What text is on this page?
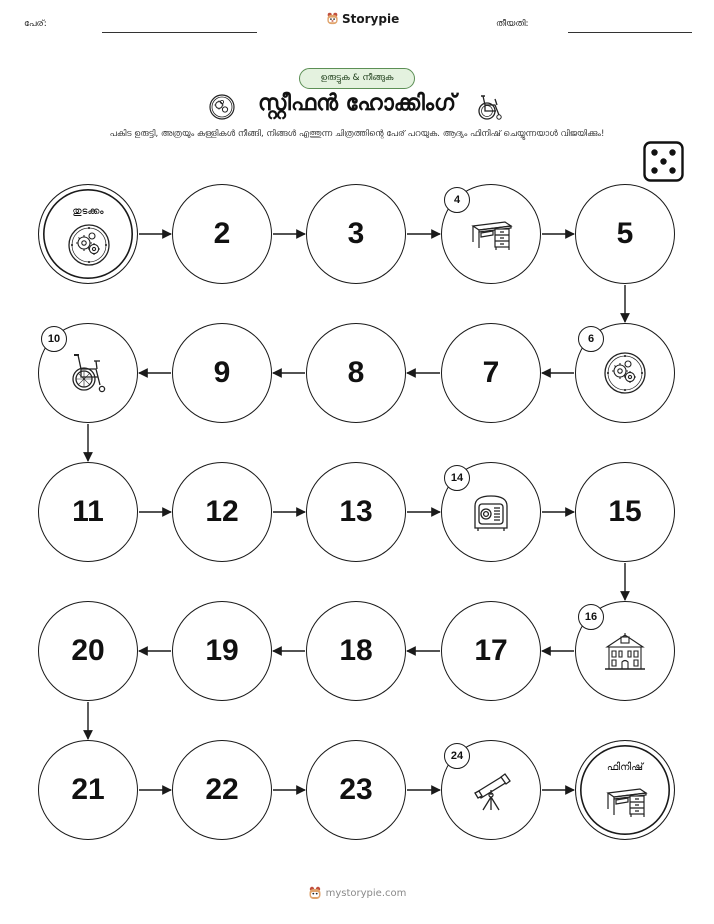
പേര്:	Storypie	തീയതി:
ഉരുട്ടുക & നീങ്ങുക
സ്റ്റീഫൻ ഹോക്കിംഗ്
പകിട ഉരുട്ടി, അത്രയും കള്ളികൾ നീങ്ങി, നിങ്ങൾ എത്തുന്ന ചിത്രത്തിന്റെ പേര് പറയുക. ആദ്യം ഫിനിഷ് ചെയ്യുന്നയാൾ വിജയിക്കും!
തുടക്കം
2	3
4
5
6
7
8
9
10
11	12	13
14
15
16
17
18
19
20
21	22	23
24
ഫിനിഷ്
mystorypie.com
